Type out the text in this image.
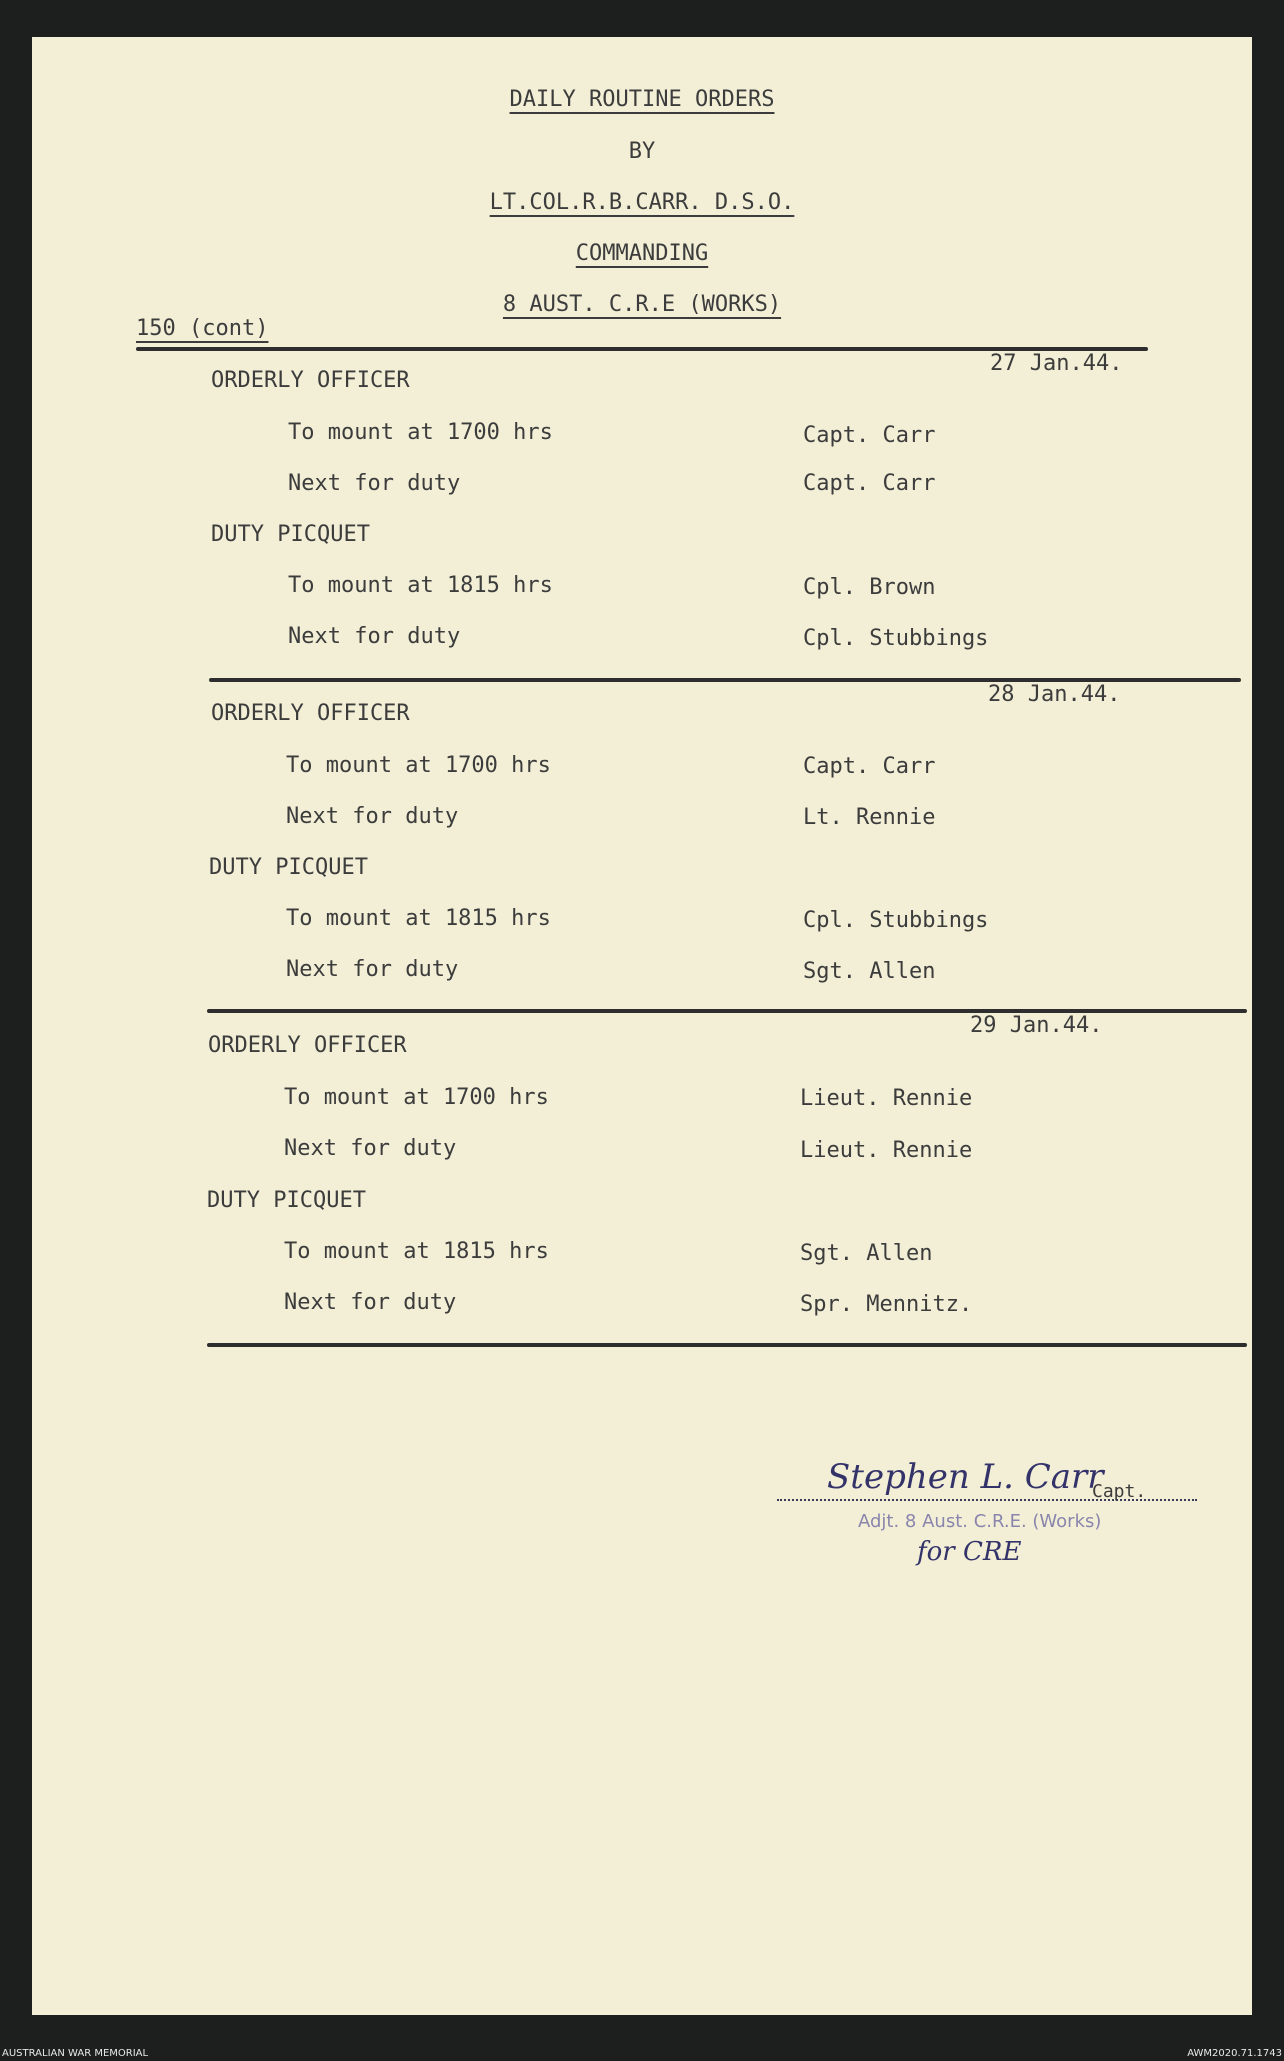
DAILY ROUTINE ORDERS
BY
LT.COL.R.B.CARR. D.S.O.
COMMANDING
8 AUST. C.R.E (WORKS)
150 (cont)
27 Jan.44.
ORDERLY OFFICER
To mount at 1700 hrs	Capt. Carr
Next for duty	Capt. Carr
DUTY PICQUET
To mount at 1815 hrs	Cpl. Brown
Next for duty	Cpl. Stubbings
28 Jan.44.
ORDERLY OFFICER
To mount at 1700 hrs	Capt. Carr
Next for duty	Lt. Rennie
DUTY PICQUET
To mount at 1815 hrs	Cpl. Stubbings
Next for duty	Sgt. Allen
29 Jan.44.
ORDERLY OFFICER
To mount at 1700 hrs	Lieut. Rennie
Next for duty	Lieut. Rennie
DUTY PICQUET
To mount at 1815 hrs	Sgt. Allen
Next for duty	Spr. Mennitz.
Stephen L. Carr
Capt.
Adjt. 8 Aust. C.R.E. (Works)
for CRE
AUSTRALIAN WAR MEMORIAL	AWM2020.71.1743
